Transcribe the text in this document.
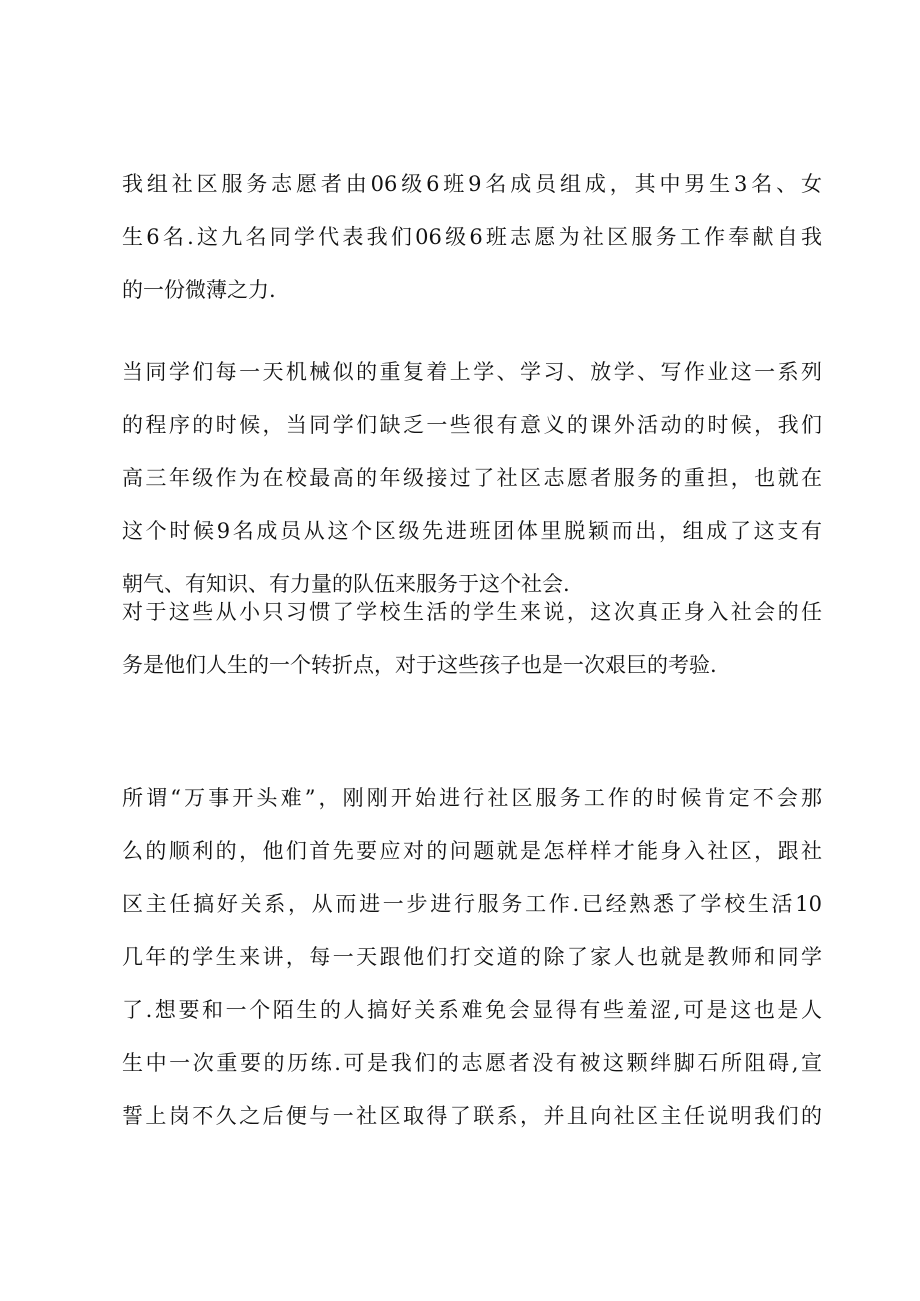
我组社区服务志愿者由06级6班9名成员组成，其中男生3名、女
生6名.这九名同学代表我们06级6班志愿为社区服务工作奉献自我
的一份微薄之力.
当同学们每一天机械似的重复着上学、学习、放学、写作业这一系列
的程序的时候，当同学们缺乏一些很有意义的课外活动的时候，我们
高三年级作为在校最高的年级接过了社区志愿者服务的重担，也就在
这个时候9名成员从这个区级先进班团体里脱颖而出，组成了这支有
朝气、有知识、有力量的队伍来服务于这个社会.
对于这些从小只习惯了学校生活的学生来说，这次真正身入社会的任
务是他们人生的一个转折点，对于这些孩子也是一次艰巨的考验.
所谓“万事开头难”，刚刚开始进行社区服务工作的时候肯定不会那
么的顺利的，他们首先要应对的问题就是怎样样才能身入社区，跟社
区主任搞好关系，从而进一步进行服务工作.已经熟悉了学校生活10
几年的学生来讲，每一天跟他们打交道的除了家人也就是教师和同学
了.想要和一个陌生的人搞好关系难免会显得有些羞涩,可是这也是人
生中一次重要的历练.可是我们的志愿者没有被这颗绊脚石所阻碍,宣
誓上岗不久之后便与一社区取得了联系，并且向社区主任说明我们的
